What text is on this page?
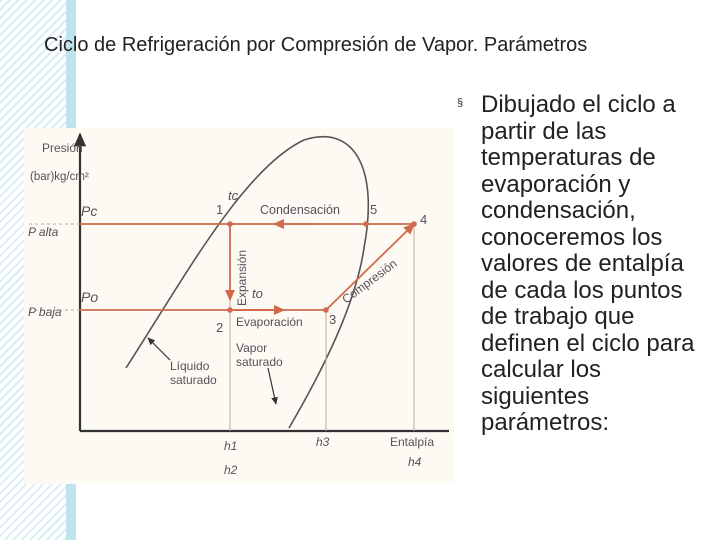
Ciclo de Refrigeración por Compresión de Vapor. Parámetros
Presión
(bar)kg/cm²
Pc
P alta
Po
P baja
tc
1	Condensación 5
4
Expansión to	Compresión
2 Evaporación 3
Líquido
saturado
Vapor
saturado
h1
h2
h3	Entalpía
h4
§ Dibujado el ciclo a partir de las temperaturas de evaporación y condensación, conoceremos los valores de entalpía de cada los puntos de trabajo que definen el ciclo para calcular los siguientes parámetros:
